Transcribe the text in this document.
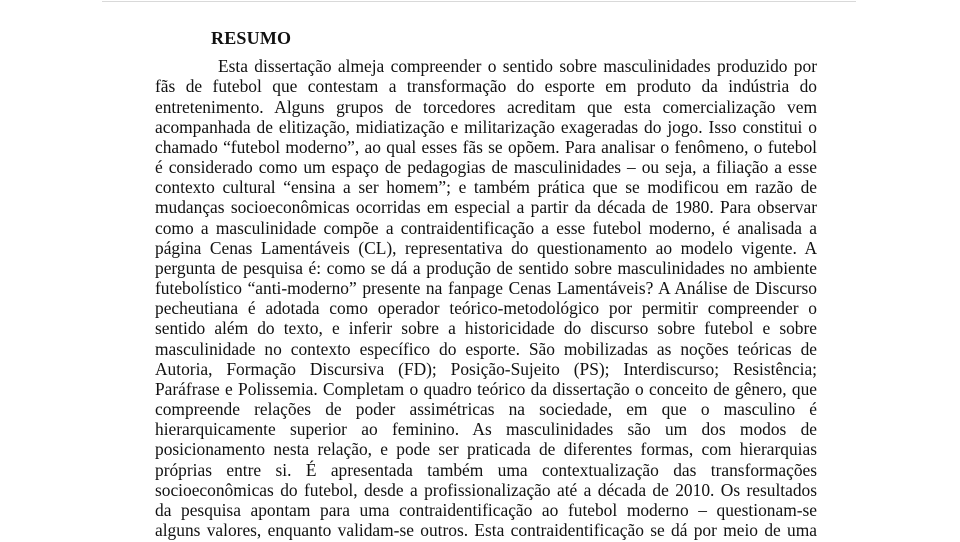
RESUMO

Esta dissertação almeja compreender o sentido sobre masculinidades produzido por

fãs de futebol que contestam a transformação do esporte em produto da indústria do

entretenimento. Alguns grupos de torcedores acreditam que esta comercialização vem

acompanhada de elitização, midiatização e militarização exageradas do jogo. Isso constitui o

chamado “futebol moderno”, ao qual esses fãs se opõem. Para analisar o fenômeno, o futebol

é considerado como um espaço de pedagogias de masculinidades – ou seja, a filiação a esse

contexto cultural “ensina a ser homem”; e também prática que se modificou em razão de

mudanças socioeconômicas ocorridas em especial a partir da década de 1980. Para observar

como a masculinidade compõe a contraidentificação a esse futebol moderno, é analisada a

página Cenas Lamentáveis (CL), representativa do questionamento ao modelo vigente. A

pergunta de pesquisa é: como se dá a produção de sentido sobre masculinidades no ambiente

futebolístico “anti-moderno” presente na fanpage Cenas Lamentáveis? A Análise de Discurso

pecheutiana é adotada como operador teórico-metodológico por permitir compreender o

sentido além do texto, e inferir sobre a historicidade do discurso sobre futebol e sobre

masculinidade no contexto específico do esporte. São mobilizadas as noções teóricas de

Autoria, Formação Discursiva (FD); Posição-Sujeito (PS); Interdiscurso; Resistência;

Paráfrase e Polissemia. Completam o quadro teórico da dissertação o conceito de gênero, que

compreende relações de poder assimétricas na sociedade, em que o masculino é

hierarquicamente superior ao feminino. As masculinidades são um dos modos de

posicionamento nesta relação, e pode ser praticada de diferentes formas, com hierarquias

próprias entre si. É apresentada também uma contextualização das transformações

socioeconômicas do futebol, desde a profissionalização até a década de 2010. Os resultados

da pesquisa apontam para uma contraidentificação ao futebol moderno – questionam-se

alguns valores, enquanto validam-se outros. Esta contraidentificação se dá por meio de uma
